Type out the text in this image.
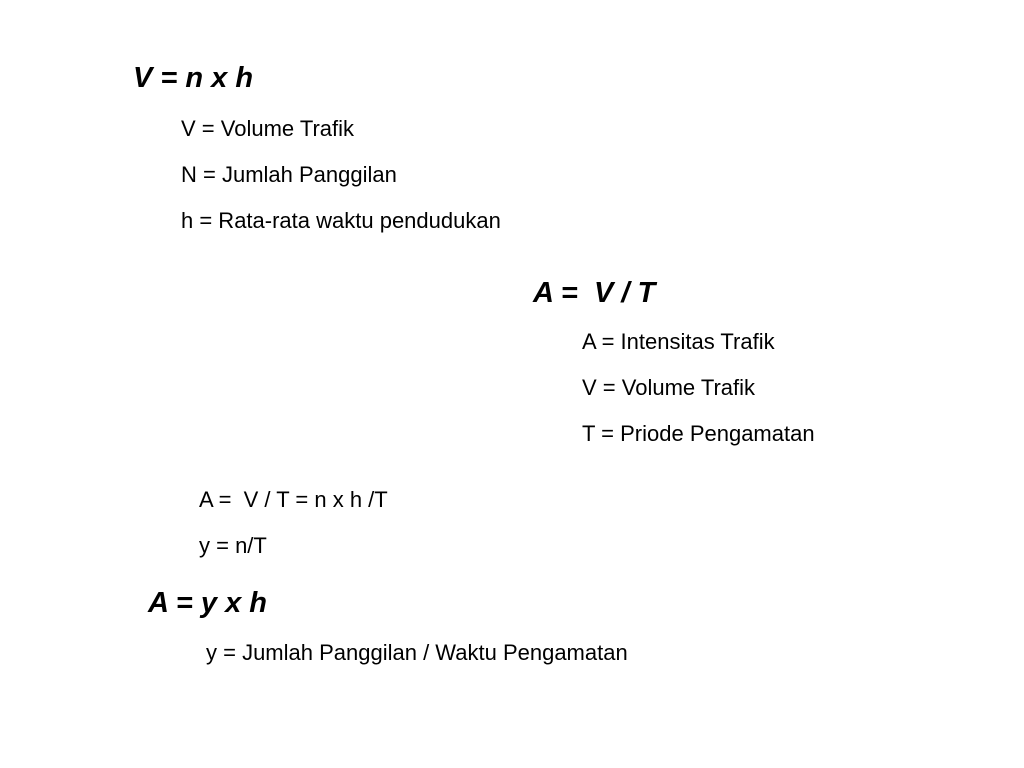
V = n x h
V = Volume Trafik
N = Jumlah Panggilan
h = Rata-rata waktu pendudukan
A =  V / T
A = Intensitas Trafik
V = Volume Trafik
T = Priode Pengamatan
A =  V / T = n x h /T
y = n/T
A = y x h
y = Jumlah Panggilan / Waktu Pengamatan
